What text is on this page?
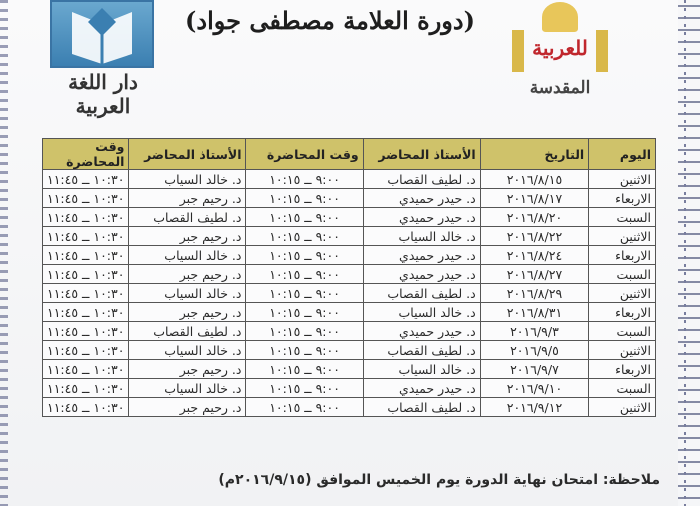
دار اللغة العربية
(دورة العلامة مصطفى جواد)
للعربية
المقدسة
اليوم	التاريخ	الأستاذ المحاضر	وقت المحاضرة	الأستاذ المحاضر	وقت المحاضرة
الاثنين	٢٠١٦/٨/١٥	د. لطيف القصاب	٩:٠٠ ــ ١٠:١٥	د. خالد السياب	١٠:٣٠ ــ ١١:٤٥
الاربعاء	٢٠١٦/٨/١٧	د. حيدر حميدي	٩:٠٠ ــ ١٠:١٥	د. رحيم جبر	١٠:٣٠ ــ ١١:٤٥
السبت	٢٠١٦/٨/٢٠	د. حيدر حميدي	٩:٠٠ ــ ١٠:١٥	د. لطيف القصاب	١٠:٣٠ ــ ١١:٤٥
الاثنين	٢٠١٦/٨/٢٢	د. خالد السياب	٩:٠٠ ــ ١٠:١٥	د. رحيم جبر	١٠:٣٠ ــ ١١:٤٥
الاربعاء	٢٠١٦/٨/٢٤	د. حيدر حميدي	٩:٠٠ ــ ١٠:١٥	د. خالد السياب	١٠:٣٠ ــ ١١:٤٥
السبت	٢٠١٦/٨/٢٧	د. حيدر حميدي	٩:٠٠ ــ ١٠:١٥	د. رحيم جبر	١٠:٣٠ ــ ١١:٤٥
الاثنين	٢٠١٦/٨/٢٩	د. لطيف القصاب	٩:٠٠ ــ ١٠:١٥	د. خالد السياب	١٠:٣٠ ــ ١١:٤٥
الاربعاء	٢٠١٦/٨/٣١	د. خالد السياب	٩:٠٠ ــ ١٠:١٥	د. رحيم جبر	١٠:٣٠ ــ ١١:٤٥
السبت	٢٠١٦/٩/٣	د. حيدر حميدي	٩:٠٠ ــ ١٠:١٥	د. لطيف القصاب	١٠:٣٠ ــ ١١:٤٥
الاثنين	٢٠١٦/٩/٥	د. لطيف القصاب	٩:٠٠ ــ ١٠:١٥	د. خالد السياب	١٠:٣٠ ــ ١١:٤٥
الاربعاء	٢٠١٦/٩/٧	د. خالد السياب	٩:٠٠ ــ ١٠:١٥	د. رحيم جبر	١٠:٣٠ ــ ١١:٤٥
السبت	٢٠١٦/٩/١٠	د. حيدر حميدي	٩:٠٠ ــ ١٠:١٥	د. خالد السياب	١٠:٣٠ ــ ١١:٤٥
الاثنين	٢٠١٦/٩/١٢	د. لطيف القصاب	٩:٠٠ ــ ١٠:١٥	د. رحيم جبر	١٠:٣٠ ــ ١١:٤٥
ملاحظة: امتحان نهاية الدورة يوم الخميس الموافق (٢٠١٦/٩/١٥م)
